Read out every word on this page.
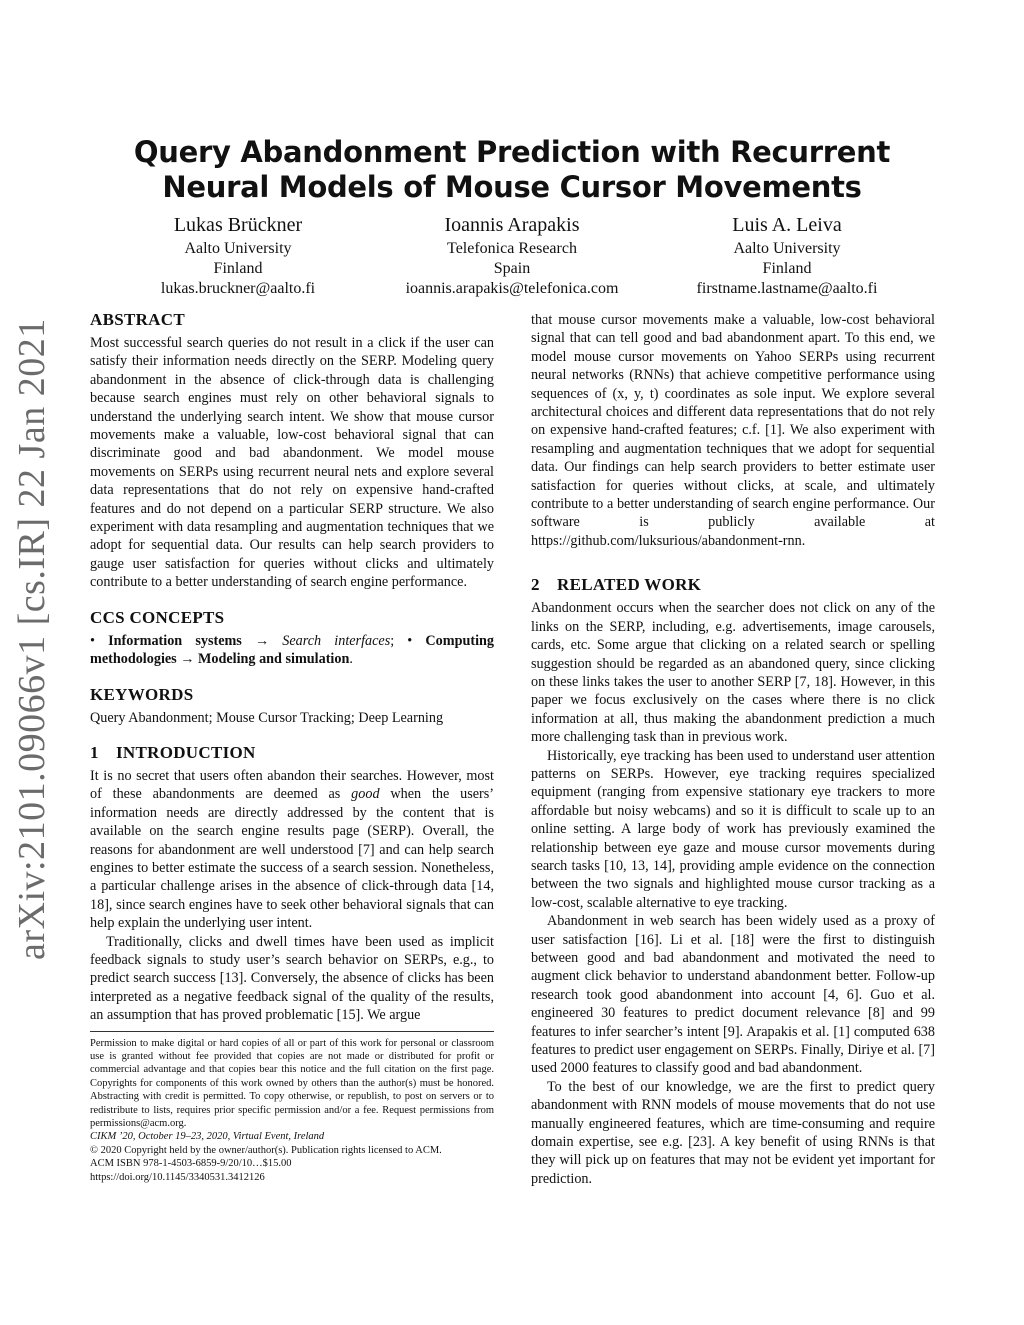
arXiv:2101.09066v1 [cs.IR] 22 Jan 2021
Query Abandonment Prediction with Recurrent Neural Models of Mouse Cursor Movements
Lukas Brückner
Aalto University
Finland
lukas.bruckner@aalto.fi
Ioannis Arapakis
Telefonica Research
Spain
ioannis.arapakis@telefonica.com
Luis A. Leiva
Aalto University
Finland
firstname.lastname@aalto.fi
ABSTRACT

Most successful search queries do not result in a click if the user can satisfy their information needs directly on the SERP. Modeling query abandonment in the absence of click-through data is challenging because search engines must rely on other behavioral signals to understand the underlying search intent. We show that mouse cursor movements make a valuable, low-cost behavioral signal that can discriminate good and bad abandonment. We model mouse movements on SERPs using recurrent neural nets and explore several data representations that do not rely on expensive hand-crafted features and do not depend on a particular SERP structure. We also experiment with data resampling and augmentation techniques that we adopt for sequential data. Our results can help search providers to gauge user satisfaction for queries without clicks and ultimately contribute to a better understanding of search engine performance.

CCS CONCEPTS

• Information systems → Search interfaces; • Computing methodologies → Modeling and simulation.

KEYWORDS

Query Abandonment; Mouse Cursor Tracking; Deep Learning

1 INTRODUCTION

It is no secret that users often abandon their searches. However, most of these abandonments are deemed as good when the users’ information needs are directly addressed by the content that is available on the search engine results page (SERP). Overall, the reasons for abandonment are well understood [7] and can help search engines to better estimate the success of a search session. Nonetheless, a particular challenge arises in the absence of click-through data [14, 18], since search engines have to seek other behavioral signals that can help explain the underlying user intent.

Traditionally, clicks and dwell times have been used as implicit feedback signals to study user’s search behavior on SERPs, e.g., to predict search success [13]. Conversely, the absence of clicks has been interpreted as a negative feedback signal of the quality of the results, an assumption that has proved problematic [15]. We argue

Permission to make digital or hard copies of all or part of this work for personal or classroom use is granted without fee provided that copies are not made or distributed for profit or commercial advantage and that copies bear this notice and the full citation on the first page. Copyrights for components of this work owned by others than the author(s) must be honored. Abstracting with credit is permitted. To copy otherwise, or republish, to post on servers or to redistribute to lists, requires prior specific permission and/or a fee. Request permissions from permissions@acm.org.

CIKM ’20, October 19–23, 2020, Virtual Event, Ireland

© 2020 Copyright held by the owner/author(s). Publication rights licensed to ACM.

ACM ISBN 978-1-4503-6859-9/20/10…$15.00

https://doi.org/10.1145/3340531.3412126

that mouse cursor movements make a valuable, low-cost behavioral signal that can tell good and bad abandonment apart. To this end, we model mouse cursor movements on Yahoo SERPs using recurrent neural networks (RNNs) that achieve competitive performance using sequences of (x, y, t) coordinates as sole input. We explore several architectural choices and different data representations that do not rely on expensive hand-crafted features; c.f. [1]. We also experiment with resampling and augmentation techniques that we adopt for sequential data. Our findings can help search providers to better estimate user satisfaction for queries without clicks, at scale, and ultimately contribute to a better understanding of search engine performance. Our software is publicly available at https://github.com/luksurious/abandonment-rnn.

2 RELATED WORK

Abandonment occurs when the searcher does not click on any of the links on the SERP, including, e.g. advertisements, image carousels, cards, etc. Some argue that clicking on a related search or spelling suggestion should be regarded as an abandoned query, since clicking on these links takes the user to another SERP [7, 18]. However, in this paper we focus exclusively on the cases where there is no click information at all, thus making the abandonment prediction a much more challenging task than in previous work.

Historically, eye tracking has been used to understand user attention patterns on SERPs. However, eye tracking requires specialized equipment (ranging from expensive stationary eye trackers to more affordable but noisy webcams) and so it is difficult to scale up to an online setting. A large body of work has previously examined the relationship between eye gaze and mouse cursor movements during search tasks [10, 13, 14], providing ample evidence on the connection between the two signals and highlighted mouse cursor tracking as a low-cost, scalable alternative to eye tracking.

Abandonment in web search has been widely used as a proxy of user satisfaction [16]. Li et al. [18] were the first to distinguish between good and bad abandonment and motivated the need to augment click behavior to understand abandonment better. Follow-up research took good abandonment into account [4, 6]. Guo et al. engineered 30 features to predict document relevance [8] and 99 features to infer searcher’s intent [9]. Arapakis et al. [1] computed 638 features to predict user engagement on SERPs. Finally, Diriye et al. [7] used 2000 features to classify good and bad abandonment.

To the best of our knowledge, we are the first to predict query abandonment with RNN models of mouse movements that do not use manually engineered features, which are time-consuming and require domain expertise, see e.g. [23]. A key benefit of using RNNs is that they will pick up on features that may not be evident yet important for prediction.
